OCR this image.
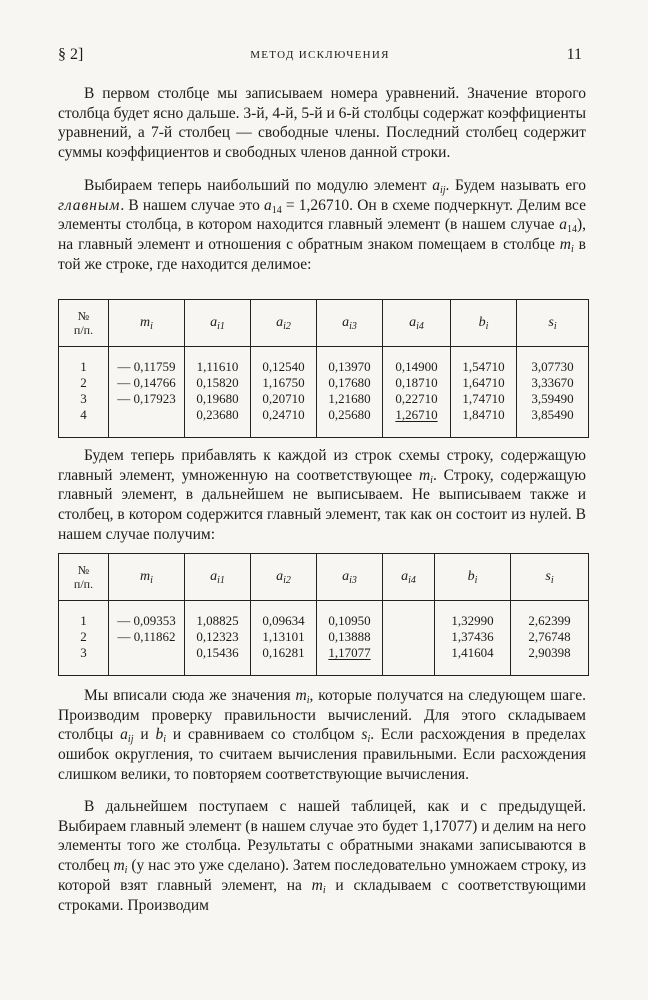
§ 2]	МЕТОД ИСКЛЮЧЕНИЯ	11

В первом столбце мы записываем номера уравнений. Значение второго столбца будет ясно дальше. 3-й, 4-й, 5-й и 6-й столбцы содержат коэффициенты уравнений, а 7-й столбец — свободные члены. Последний столбец содержит суммы коэффициентов и свободных членов данной строки.

Выбираем теперь наибольший по модулю элемент $a_{ij}$. Будем называть его главным. В нашем случае это $a_{14} = 1,26710$. Он в схеме подчеркнут. Делим все элементы столбца, в котором находится главный элемент (в нашем случае $a_{14}$), на главный элемент и отношения с обратным знаком помещаем в столбце $m_i$ в той же строке, где находится делимое:

№
п/п.	$m_i$	$a_{i1}$	$a_{i2}$	$a_{i3}$	$a_{i4}$	$b_i$	$s_i$

1	— 0,11759	1,11610	0,12540	0,13970	0,14900	1,54710	3,07730
2	— 0,14766	0,15820	1,16750	0,17680	0,18710	1,64710	3,33670
3	— 0,17923	0,19680	0,20710	1,21680	0,22710	1,74710	3,59490
4		0,23680	0,24710	0,25680	1,26710	1,84710	3,85490

Будем теперь прибавлять к каждой из строк схемы строку, содержащую главный элемент, умноженную на соответствующее $m_i$. Строку, содержащую главный элемент, в дальнейшем не выписываем. Не выписываем также и столбец, в котором содержится главный элемент, так как он состоит из нулей. В нашем случае получим:

№
п/п.	$m_i$	$a_{i1}$	$a_{i2}$	$a_{i3}$	$a_{i4}$	$b_i$	$s_i$

1	— 0,09353	1,08825	0,09634	0,10950		1,32990	2,62399
2	— 0,11862	0,12323	1,13101	0,13888		1,37436	2,76748
3		0,15436	0,16281	1,17077		1,41604	2,90398

Мы вписали сюда же значения $m_i$, которые получатся на следующем шаге. Производим проверку правильности вычислений. Для этого складываем столбцы $a_{ij}$ и $b_i$ и сравниваем со столбцом $s_i$. Если расхождения в пределах ошибок округления, то считаем вычисления правильными. Если расхождения слишком велики, то повторяем соответствующие вычисления.

В дальнейшем поступаем с нашей таблицей, как и с предыдущей. Выбираем главный элемент (в нашем случае это будет 1,17077) и делим на него элементы того же столбца. Результаты с обратными знаками записываются в столбец $m_i$ (у нас это уже сделано). Затем последовательно умножаем строку, из которой взят главный элемент, на $m_i$ и складываем с соответствующими строками. Производим
